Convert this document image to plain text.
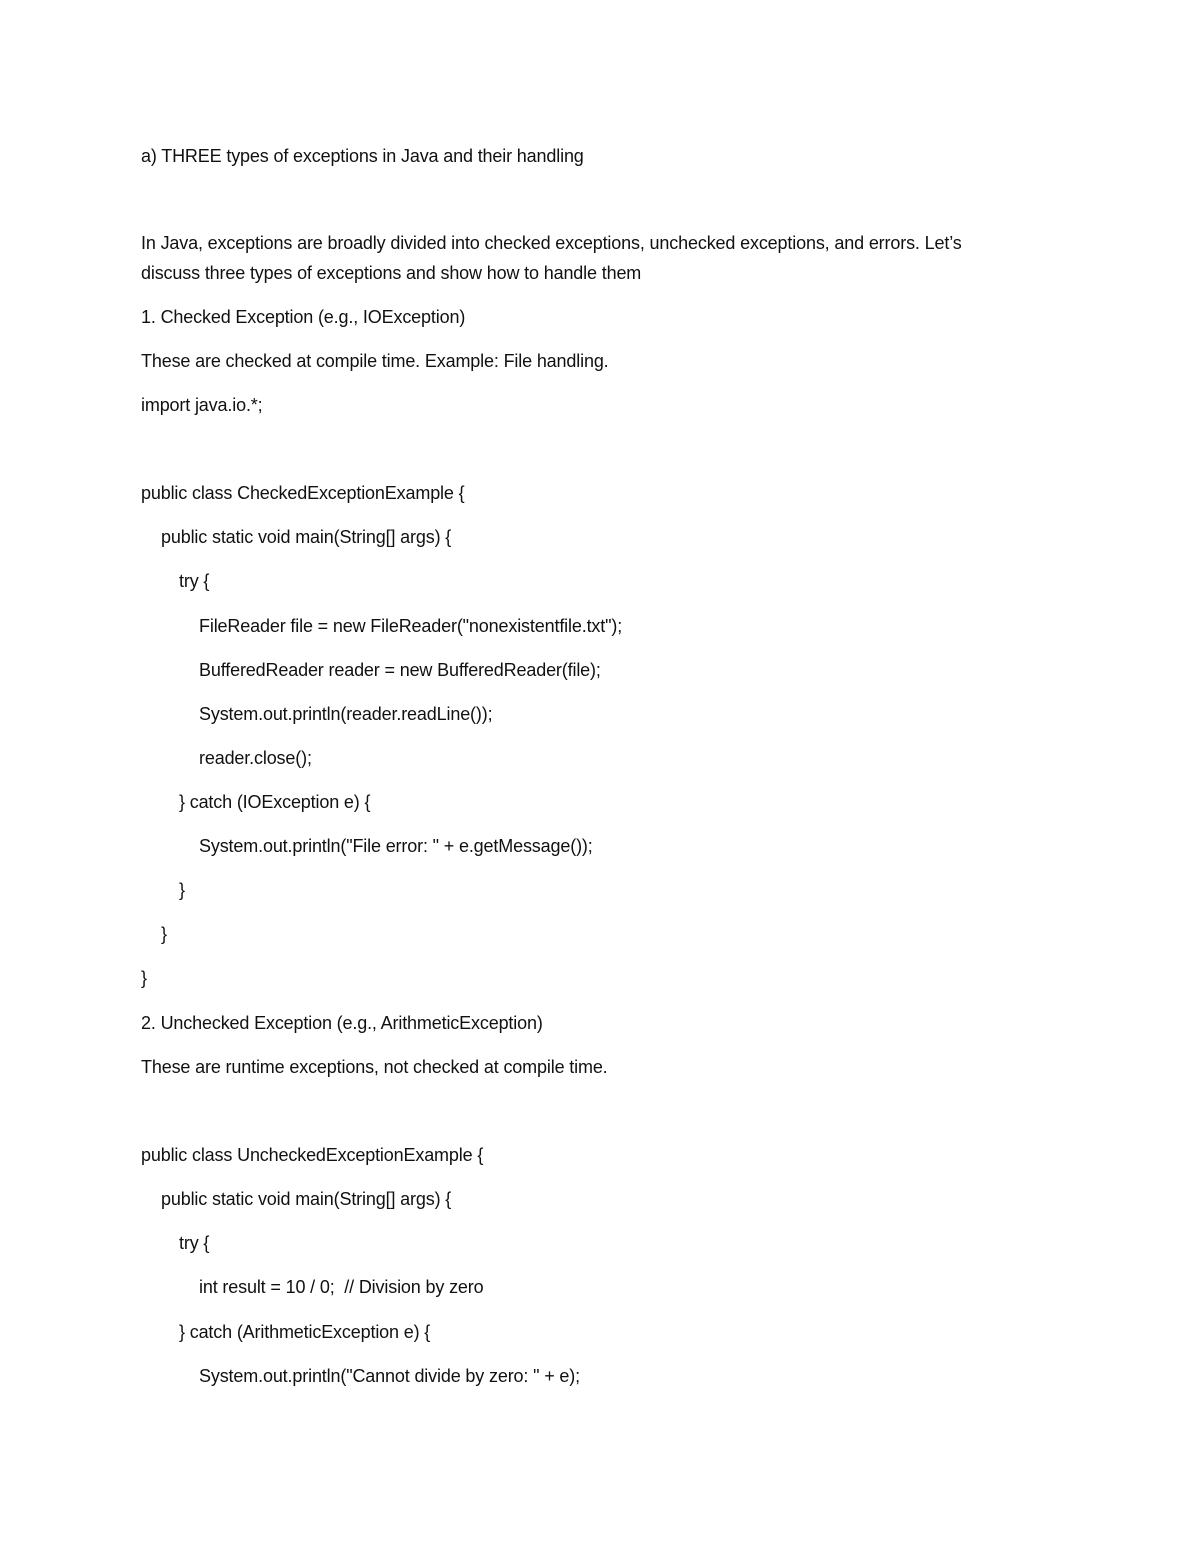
a) THREE types of exceptions in Java and their handling
In Java, exceptions are broadly divided into checked exceptions, unchecked exceptions, and errors. Let’s
discuss three types of exceptions and show how to handle them
1. Checked Exception (e.g., IOException)
These are checked at compile time. Example: File handling.
import java.io.*;
public class CheckedExceptionExample {
public static void main(String[] args) {
try {
FileReader file = new FileReader("nonexistentfile.txt");
BufferedReader reader = new BufferedReader(file);
System.out.println(reader.readLine());
reader.close();
} catch (IOException e) {
System.out.println("File error: " + e.getMessage());
}
}
}
2. Unchecked Exception (e.g., ArithmeticException)
These are runtime exceptions, not checked at compile time.
public class UncheckedExceptionExample {
public static void main(String[] args) {
try {
int result = 10 / 0;  // Division by zero
} catch (ArithmeticException e) {
System.out.println("Cannot divide by zero: " + e);
